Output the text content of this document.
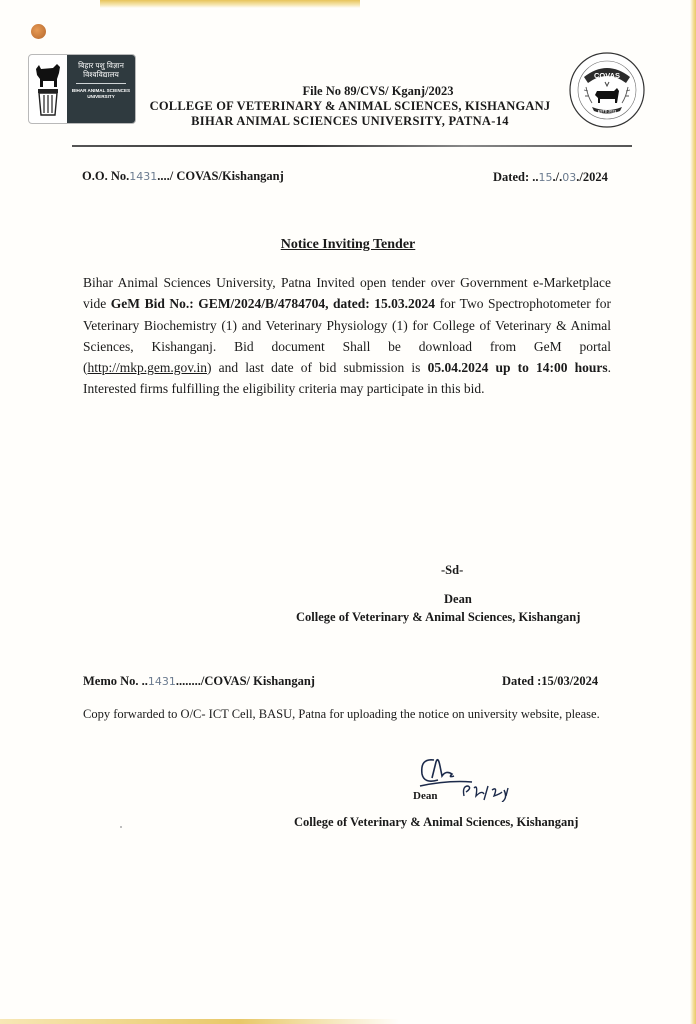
बिहार पशु विज्ञान विश्वविद्यालय
BIHAR ANIMAL SCIENCES UNIVERSITY	File No 89/CVS/ Kganj/2023
COLLEGE OF VETERINARY & ANIMAL SCIENCES, KISHANGANJ
BIHAR ANIMAL SCIENCES UNIVERSITY, PATNA-14
COVAS
ESTD 2023
O.O. No.1431..../ COVAS/Kishanganj	Dated: ..15./.03./2024
Notice Inviting Tender
Bihar Animal Sciences University, Patna Invited open tender over Government e-Marketplace vide GeM Bid No.: GEM/2024/B/4784704, dated: 15.03.2024 for Two Spectrophotometer for Veterinary Biochemistry (1) and Veterinary Physiology (1) for College of Veterinary & Animal Sciences, Kishanganj. Bid document Shall be download from GeM portal (http://mkp.gem.gov.in) and last date of bid submission is 05.04.2024 up to 14:00 hours. Interested firms fulfilling the eligibility criteria may participate in this bid.
-Sd-
Dean
College of Veterinary & Animal Sciences, Kishanganj
Memo No. ..1431......../COVAS/ Kishanganj	Dated :15/03/2024
Copy forwarded to O/C- ICT Cell, BASU, Patna for uploading the notice on university website, please.
Dean
College of Veterinary & Animal Sciences, Kishanganj
